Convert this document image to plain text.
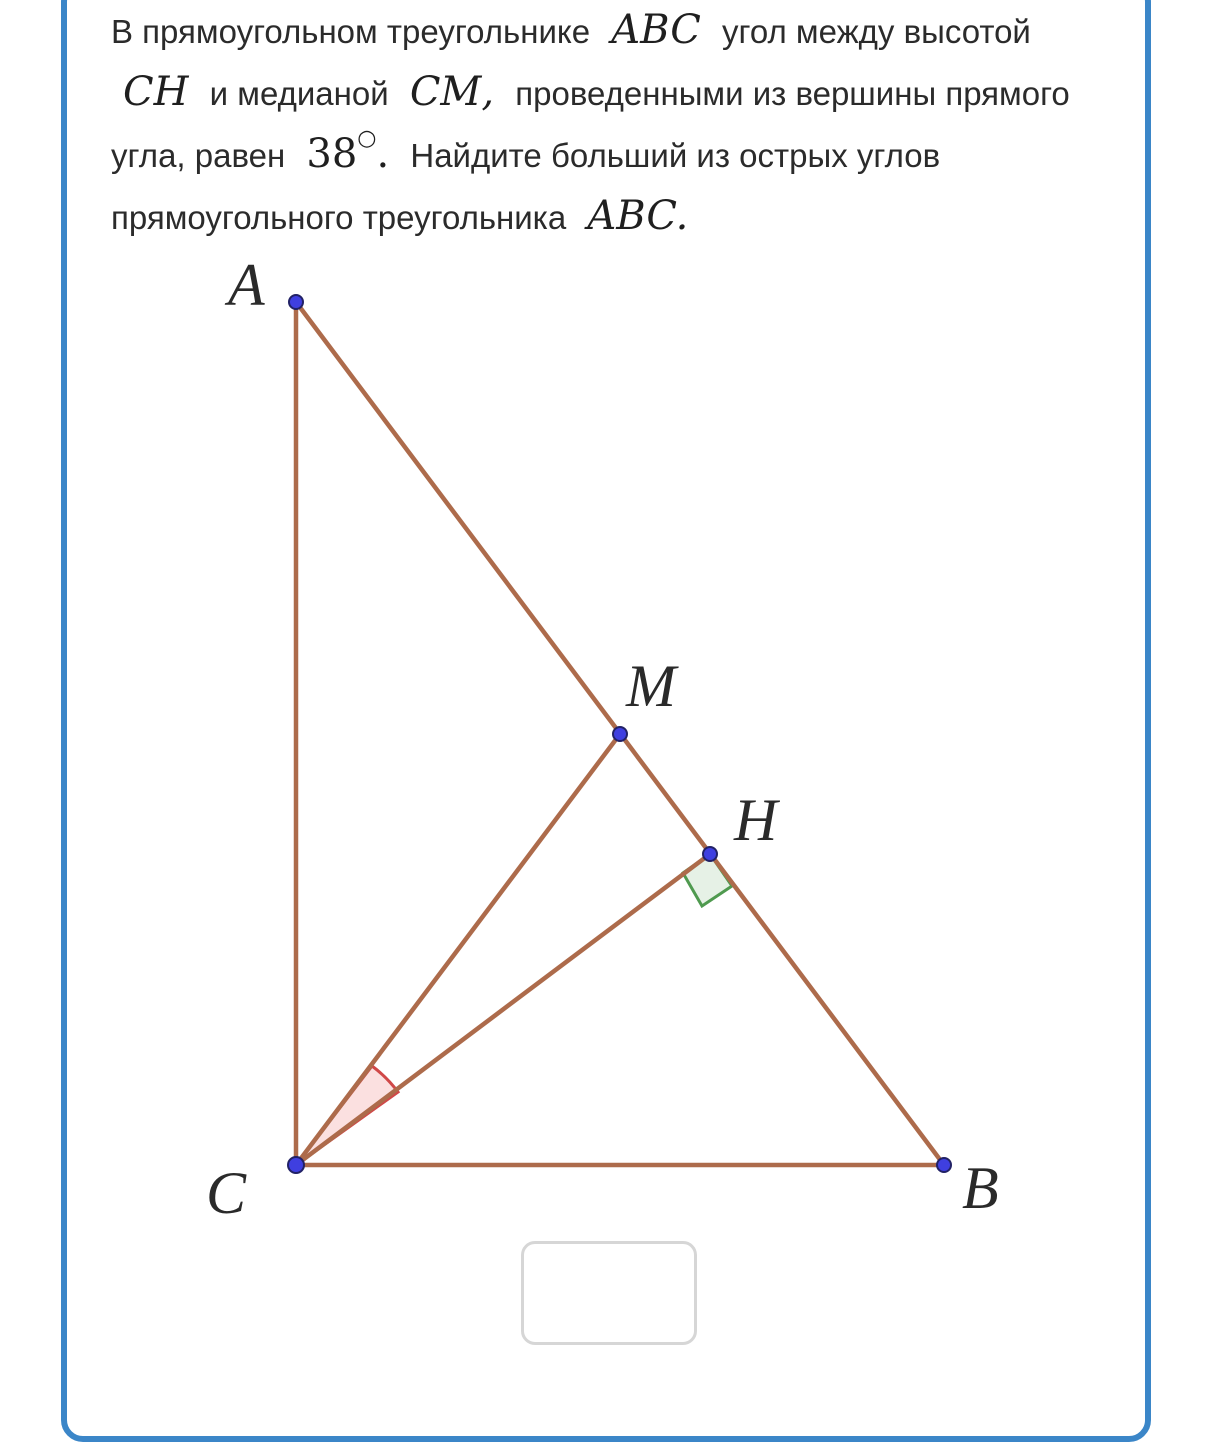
В прямоугольном треугольнике ABC угол между высотой CH и медианой CM, проведенными из вершины прямого угла, равен 38○. Найдите больший из острых углов прямоугольного треугольника ABC.

A
B
C
M
H
